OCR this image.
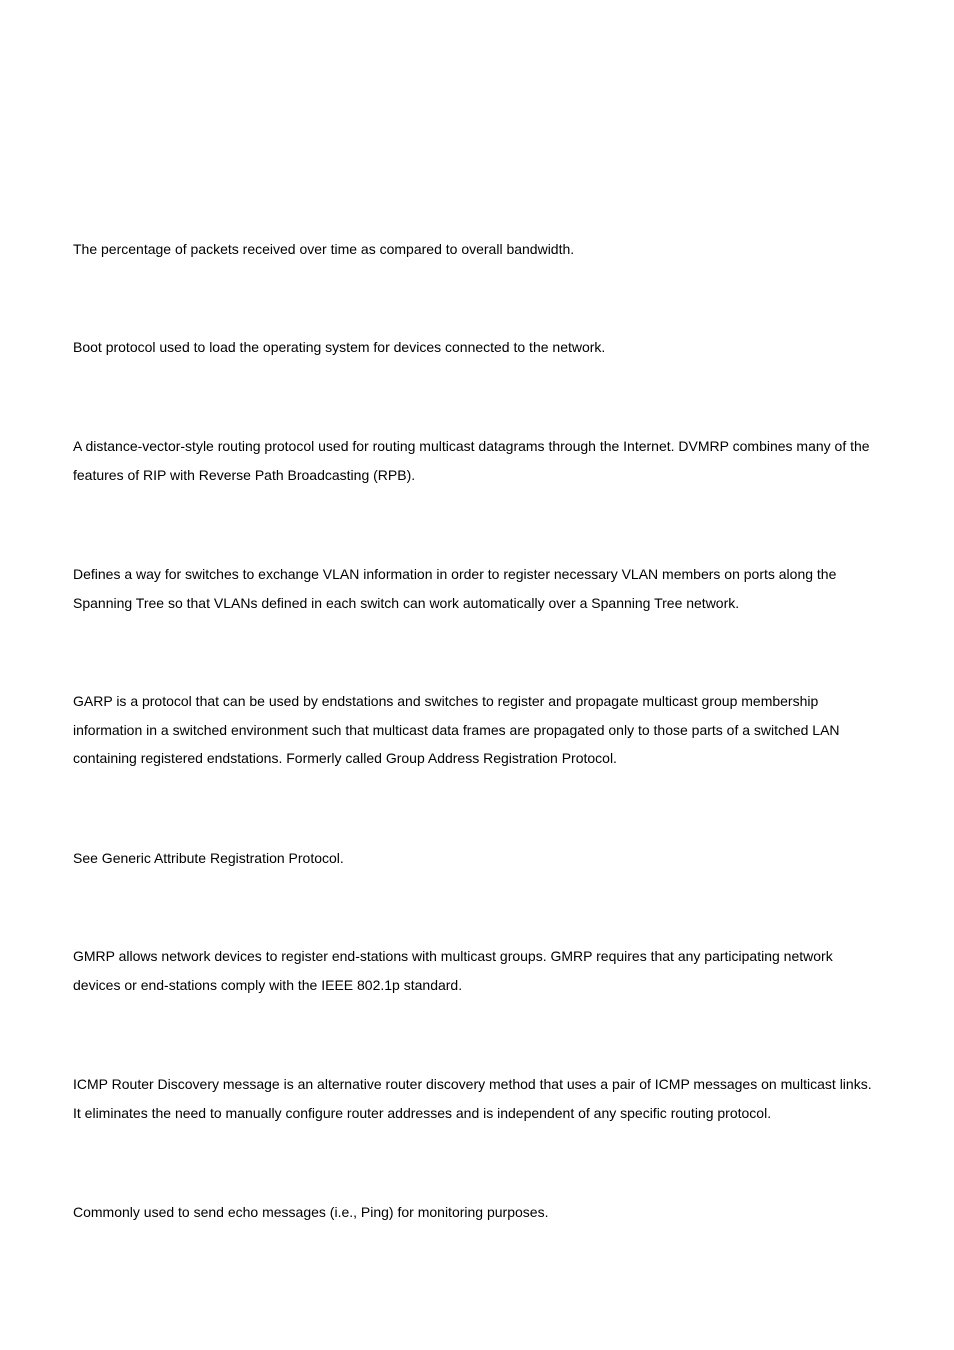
The percentage of packets received over time as compared to overall bandwidth.

Boot protocol used to load the operating system for devices connected to the network.

A distance-vector-style routing protocol used for routing multicast datagrams through the Internet. DVMRP combines many of the features of RIP with Reverse Path Broadcasting (RPB).

Defines a way for switches to exchange VLAN information in order to register necessary VLAN members on ports along the Spanning Tree so that VLANs defined in each switch can work automatically over a Spanning Tree network.

GARP is a protocol that can be used by endstations and switches to register and propagate multicast group membership information in a switched environment such that multicast data frames are propagated only to those parts of a switched LAN containing registered endstations. Formerly called Group Address Registration Protocol.

See Generic Attribute Registration Protocol.

GMRP allows network devices to register end-stations with multicast groups. GMRP requires that any participating network devices or end-stations comply with the IEEE 802.1p standard.

ICMP Router Discovery message is an alternative router discovery method that uses a pair of ICMP messages on multicast links. It eliminates the need to manually configure router addresses and is independent of any specific routing protocol.

Commonly used to send echo messages (i.e., Ping) for monitoring purposes.
